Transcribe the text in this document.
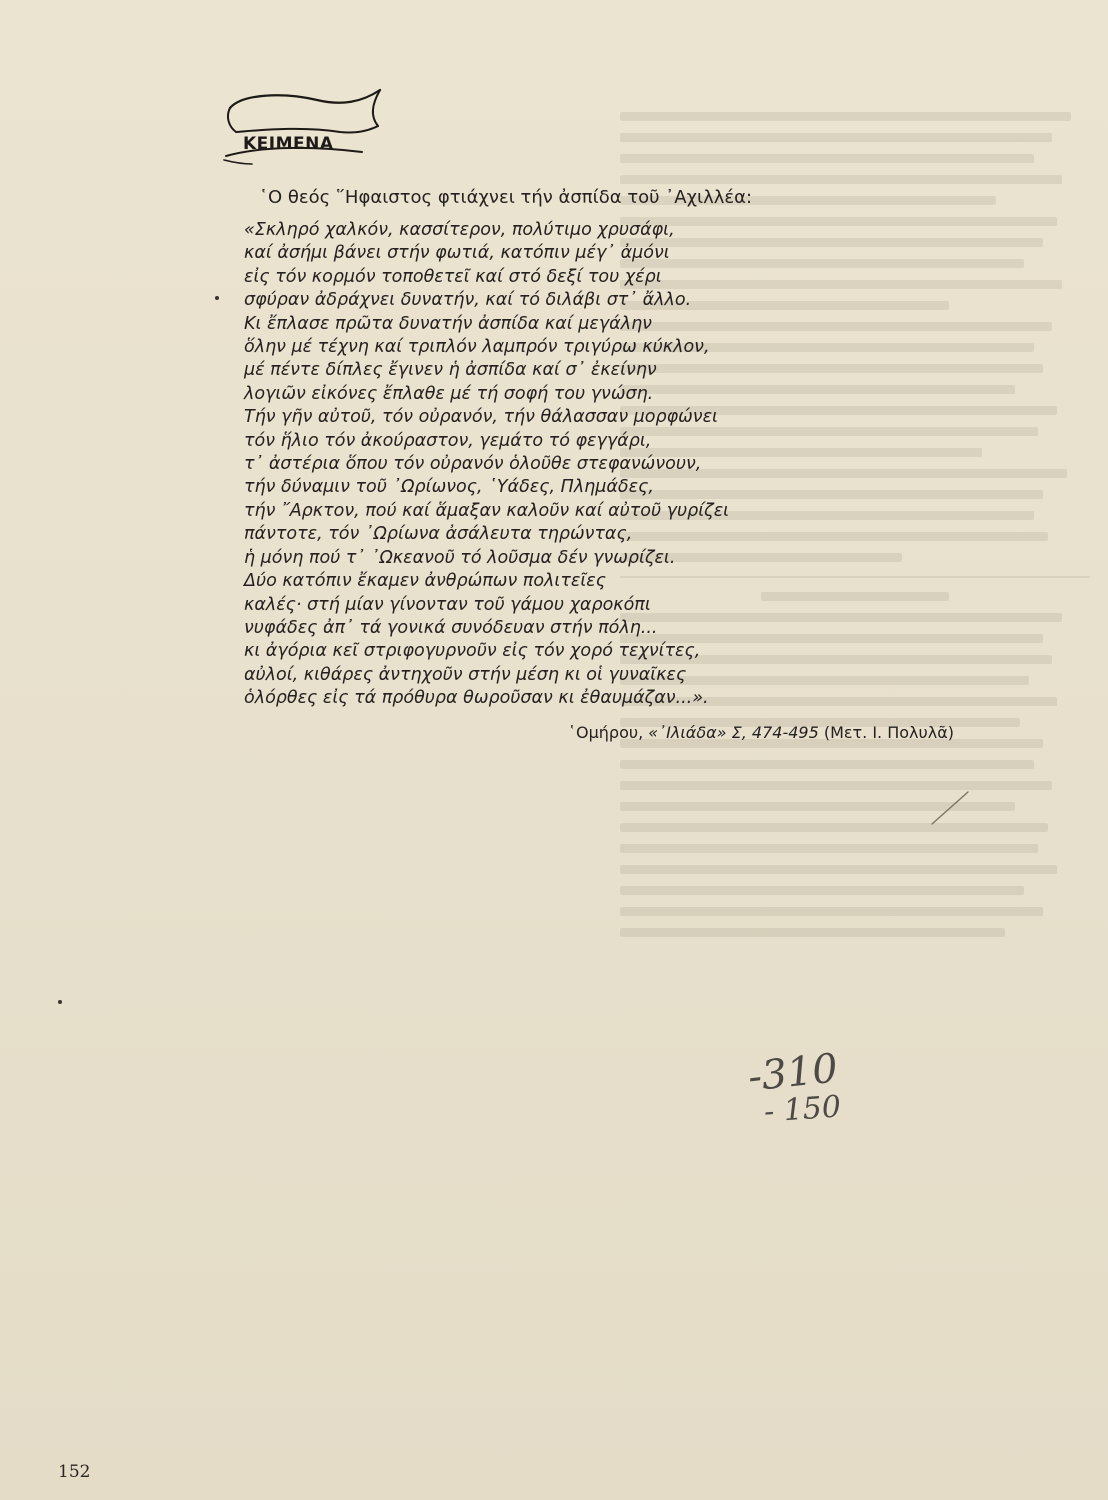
KEIMENA
῾Ο θεός ῞Ηφαιστος φτιάχνει τήν ἀσπίδα τοῦ ᾽Αχιλλέα:
«Σκληρό χαλκόν, κασσίτερον, πολύτιμο χρυσάφι,
καί ἀσήμι βάνει στήν φωτιά, κατόπιν μέγ᾽ ἀμόνι
εἰς τόν κορμόν τοποθετεῖ καί στό δεξί του χέρι
σφύραν ἀδράχνει δυνατήν, καί τό διλάβι στ᾽ ἄλλο.
Κι ἔπλασε πρῶτα δυνατήν ἀσπίδα καί μεγάλην
ὅλην μέ τέχνη καί τριπλόν λαμπρόν τριγύρω κύκλον,
μέ πέντε δίπλες ἔγινεν ἡ ἀσπίδα καί σ᾽ ἐκείνην
λογιῶν εἰκόνες ἔπλαθε μέ τή σοφή του γνώση.
Τήν γῆν αὐτοῦ, τόν οὐρανόν, τήν θάλασσαν μορφώνει
τόν ἥλιο τόν ἀκούραστον, γεμάτο τό φεγγάρι,
τ᾽ ἀστέρια ὅπου τόν οὐρανόν ὁλοῦθε στεφανώνουν,
τήν δύναμιν τοῦ ᾽Ωρίωνος, ῾Υάδες, Πλημάδες,
τήν ῎Αρκτον, πού καί ἅμαξαν καλοῦν καί αὐτοῦ γυρίζει
πάντοτε, τόν ᾽Ωρίωνα ἀσάλευτα τηρώντας,
ἡ μόνη πού τ᾽ ᾽Ωκεανοῦ τό λοῦσμα δέν γνωρίζει.
Δύο κατόπιν ἔκαμεν ἀνθρώπων πολιτεῖες
καλές· στή μίαν γίνονταν τοῦ γάμου χαροκόπι
νυφάδες ἀπ᾽ τά γονικά συνόδευαν στήν πόλη...
κι ἀγόρια κεῖ στριφογυρνοῦν εἰς τόν χορό τεχνίτες,
αὐλοί, κιθάρες ἀντηχοῦν στήν μέση κι οἱ γυναῖκες
ὁλόρθες εἰς τά πρόθυρα θωροῦσαν κι ἐθαυμάζαν...».
῾Ομήρου, «᾽Ιλιάδα» Σ, 474-495 (Μετ. Ι. Πολυλᾶ)
-310
- 150
152
